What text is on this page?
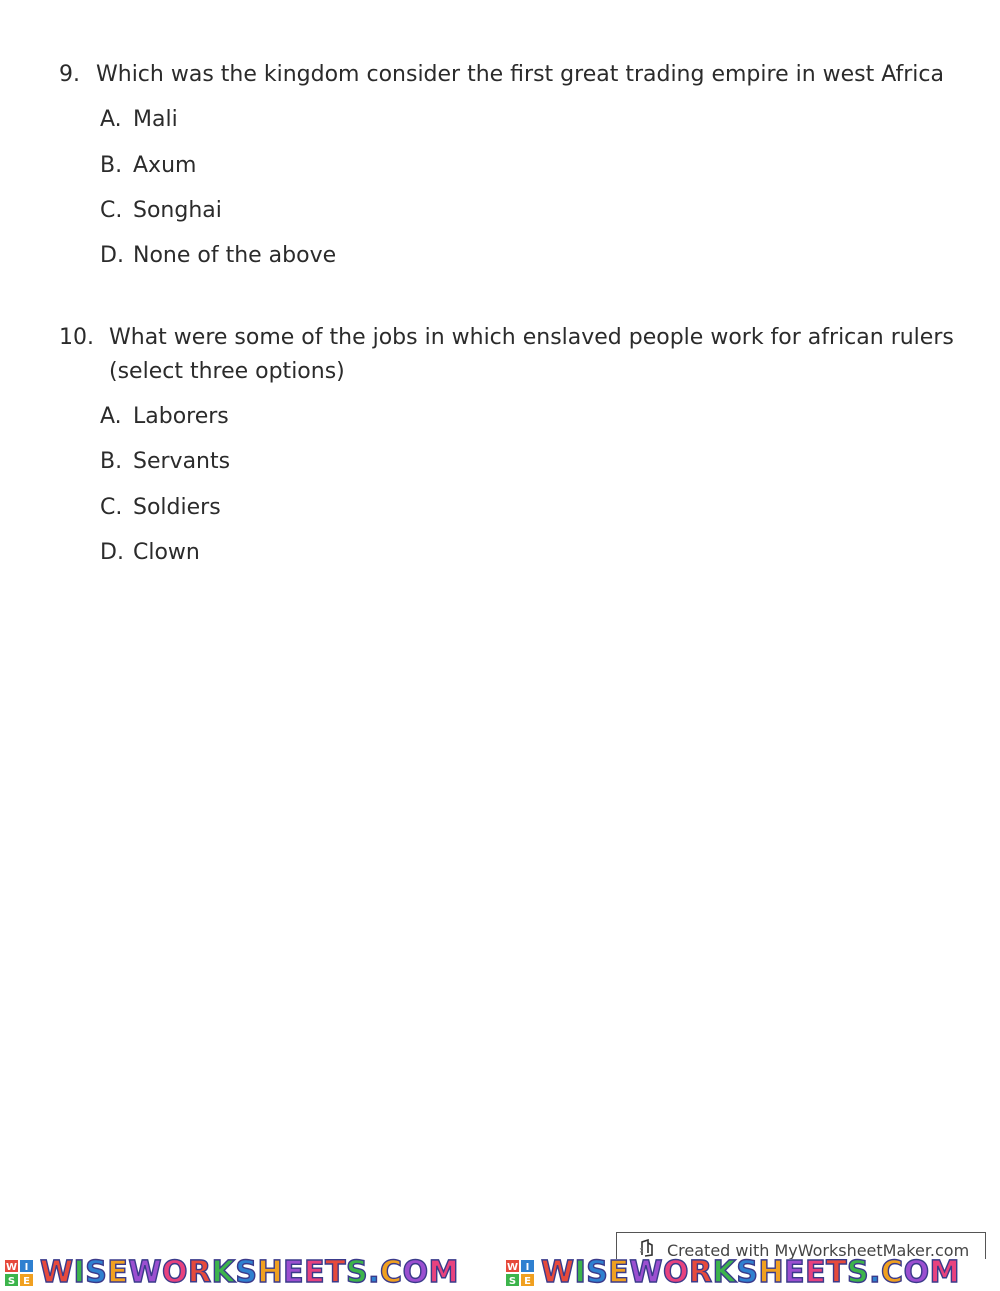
9. Which was the kingdom consider the first great trading empire in west Africa
A. Mali
B. Axum
C. Songhai
D. None of the above
10. What were some of the jobs in which enslaved people work for african rulers
(select three options)
A. Laborers
B. Servants
C. Soldiers
D. Clown
Created with MyWorksheetMaker.com
W I
S E WISEWORKSHEETS.COM	W I
S E WISEWORKSHEETS.COM
